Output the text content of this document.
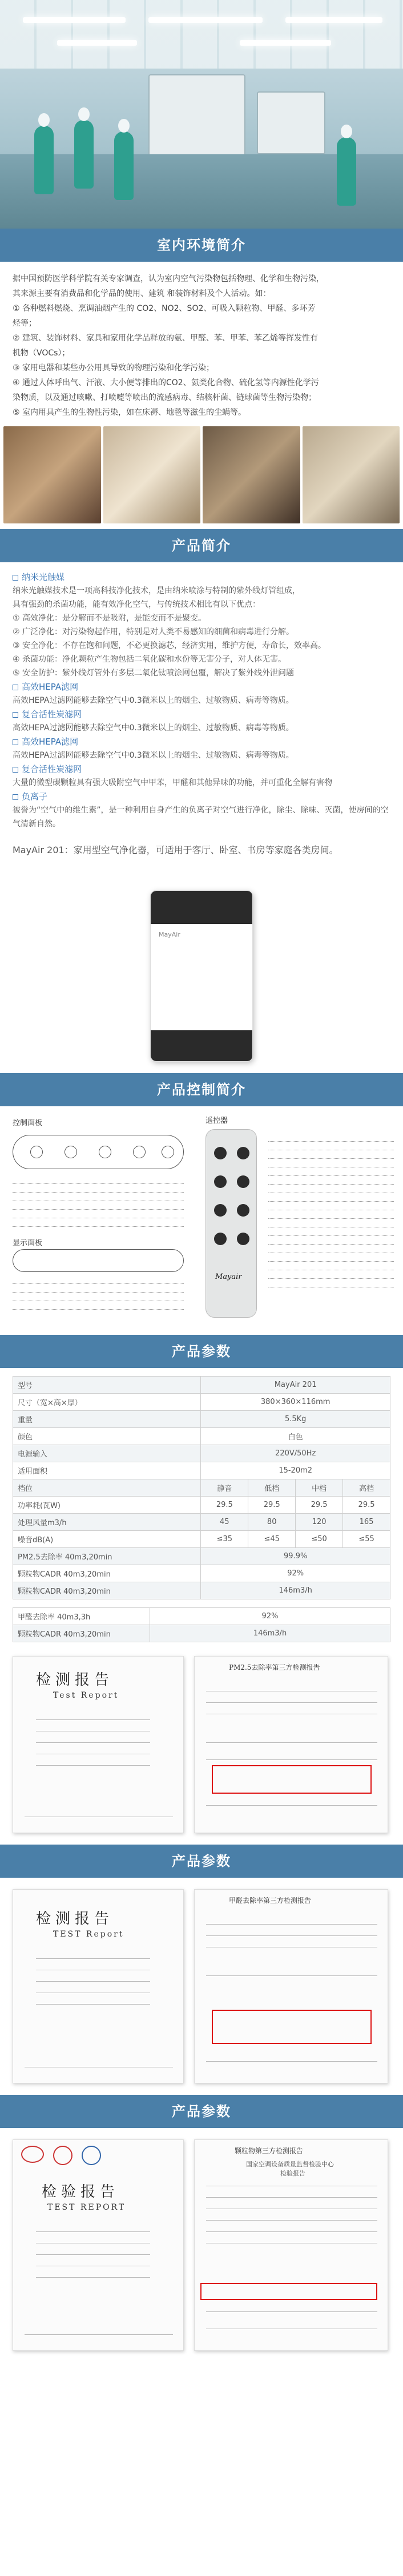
室内环境简介

据中国预防医学科学院有关专家调查，认为室内空气污染物包括物理、化学和生物污染，

其来源主要有消费品和化学品的使用、建筑 和装饰材料及个人活动。如：

① 各种燃料燃烧、烹调油烟产生的 CO2、NO2、SO2、可吸入颗粒物、甲醛、多环芳

烃等；

② 建筑、装饰材料、家具和家用化学品释放的氨、甲醛、苯、甲苯、苯乙烯等挥发性有

机物（VOCs）；

③ 家用电器和某些办公用具导致的物理污染和化学污染；

④ 通过人体呼出气、汗液、大小便等排出的CO2、氨类化合物、硫化氢等内源性化学污

染物质，以及通过咳嗽、打喷嚏等喷出的流感病毒、结核杆菌、链球菌等生物污染物；

⑤ 室内用具产生的生物性污染，如在床褥、地毯等滋生的尘螨等。

产品简介
纳米光触媒
纳米光触媒技术是一项高科技净化技术，是由纳米喷涂与特制的紫外线灯管组成，
具有强劲的杀菌功能，能有效净化空气，与传统技术相比有以下优点：
① 高效净化：是分解而不是吸附，是能变而不是聚变。
② 广泛净化：对污染物起作用，特别是对人类不易感知的细菌和病毒进行分解。
③ 安全净化：不存在饱和问题，不必更换滤芯，经济实用，维护方便，寿命长，效率高。
④ 杀菌功能：净化颗粒产生物包括二氧化碳和水份等无害分子，对人体无害。
⑤ 安全防护：紫外线灯管外有多层二氧化钛喷涂网包覆，解决了紫外线外泄问题
高效HEPA滤网
高效HEPA过滤网能够去除空气中0.3微米以上的烟尘、过敏物质、病毒等物质。
复合活性炭滤网
高效HEPA过滤网能够去除空气中0.3微米以上的烟尘、过敏物质、病毒等物质。
高效HEPA滤网
高效HEPA过滤网能够去除空气中0.3微米以上的烟尘、过敏物质、病毒等物质。
复合活性炭滤网
大量的微型碳颗粒具有强大吸附空气中甲苯，甲醛和其他异味的功能，并可重化全解有害物
负离子
被誉为“空气中的维生素”，是一种利用自身产生的负离子对空气进行净化，除尘、除味、灭菌，使房间的空气清新自然。
MayAir 201：家用型空气净化器，可适用于客厅、卧室、书房等家庭各类房间。
MayAir
产品控制简介
控制面板	遥控器
显示面板
Mayair
产品参数
型号	MayAir 201			
尺寸（宽×高×厚）	380×360×116mm			
重量	5.5Kg			
颜色	白色			
电源输入	220V/50Hz			
适用面积	15-20m2			
档位	静音	低档	中档	高档
功率耗(瓦W)	29.5	29.5	29.5	29.5
处理风量m3/h	45	80	120	165
噪音dB(A)	≤35	≤45	≤50	≤55
PM2.5去除率 40m3,20min	99.9%			
颗粒物CADR 40m3,20min	92%			
颗粒物CADR 40m3,20min	146m3/h			
甲醛去除率 40m3,3h	92%
颗粒物CADR 40m3,20min	146m3/h
检测报告
Test Report
PM2.5去除率第三方检测报告
产品参数
检测报告
TEST Report
甲醛去除率第三方检测报告
产品参数
检验报告
TEST REPORT
颗粒物第三方检测报告
国家空调设备质量监督检验中心
检验报告
